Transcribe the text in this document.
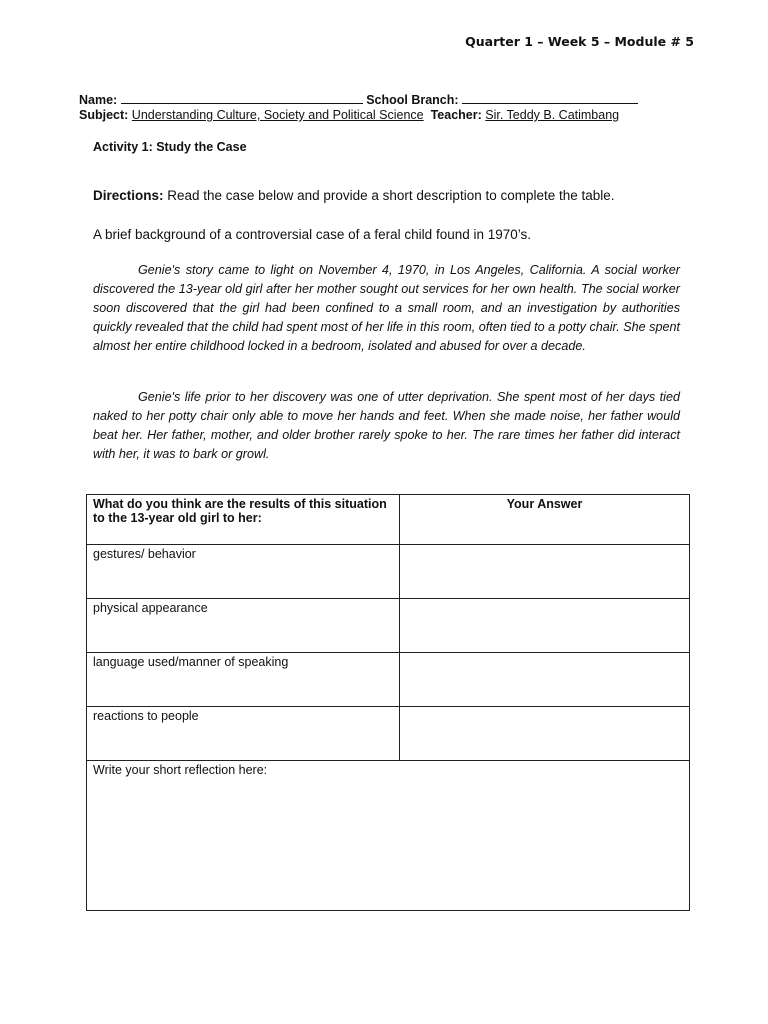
Quarter 1 – Week 5 – Module # 5
Name:	School Branch:
Subject: Understanding Culture, Society and Political Science Teacher: Sir. Teddy B. Catimbang
Activity 1: Study the Case
Directions: Read the case below and provide a short description to complete the table.
A brief background of a controversial case of a feral child found in 1970’s.

Genie's story came to light on November 4, 1970, in Los Angeles, California. A social worker discovered the 13-year old girl after her mother sought out services for her own health. The social worker soon discovered that the girl had been confined to a small room, and an investigation by authorities quickly revealed that the child had spent most of her life in this room, often tied to a potty chair. She spent almost her entire childhood locked in a bedroom, isolated and abused for over a decade.

Genie's life prior to her discovery was one of utter deprivation. She spent most of her days tied naked to her potty chair only able to move her hands and feet. When she made noise, her father would beat her. Her father, mother, and older brother rarely spoke to her. The rare times her father did interact with her, it was to bark or growl.

What do you think are the results of this situation to the 13-year old girl to her:	Your Answer
gestures/ behavior	
physical appearance	
language used/manner of speaking	
reactions to people	
Write your short reflection here:	
